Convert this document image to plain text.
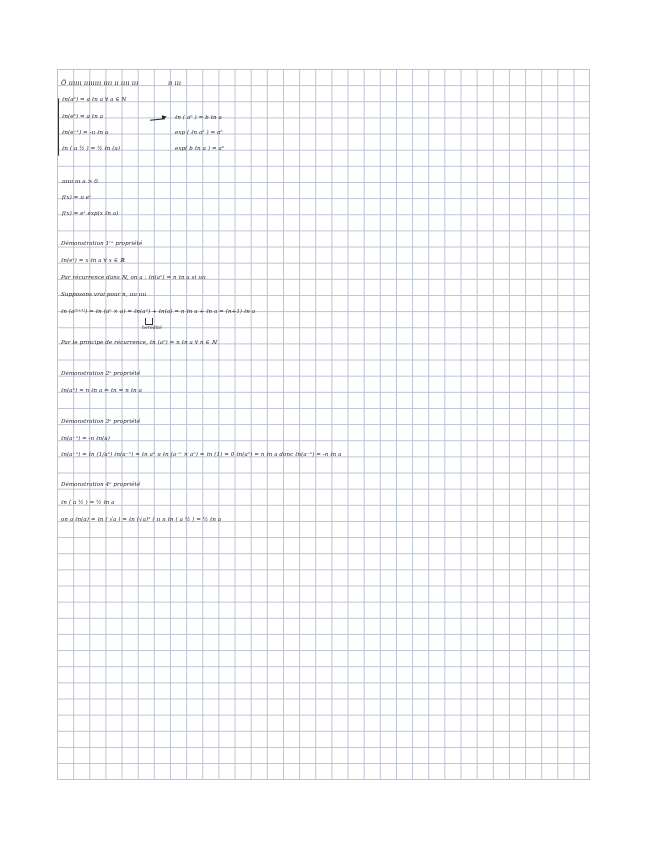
Ö ıııııı ıııııııı ıııı ıı ıııı ııı	ıı ııı
ℓn(aᵇ) = a ℓn a ∀ a ∈ N
ℓn(eᵇ) = a ℓn a
ℓn(e⁻¹) = -ıı ℓn a
ℓn ( a ½ ) = ½ ℓn (a)
ℓn ( aᵇ ) = b ℓn a
exp ( ℓn aᵇ ) = aᵇ
exp( b ℓn a ) = aᵇ
ıııııı ııı a > 0
f(x) = ıı eˣ
f(x) = eˣ exp(x ℓn a)
Démonstration 1ʳᵉ propriété
ℓn(eˣ) = x ℓn a ∀ x ∈ ℝ
Par récurrence dans ℕ, on a : ℓn(aⁿ) = n ℓn a si ıııı
Supposons vrai pour n, ıııı ıııı
ℓn (a⁽ⁿ⁺¹⁾) = ℓn (aⁿ × a) = ℓn(aⁿ) + ℓn(a) = n ℓn a + ℓn a = (n+1) ℓn a
hérédité
Par le principe de récurrence, ℓn (aⁿ) = n ℓn a ∀ n ∈ ℕ
Démonstration 2ᵉ propriété
ℓn(aⁿ) = n ℓn a ⇔ ℓn = n ℓn a
Démonstration 3ᵉ propriété
ℓn(a⁻ⁿ) = -n ℓn(a)
ℓn(a⁻ⁿ) = ℓn (1/aⁿ) ℓn(a⁻ⁿ) = ℓn aⁿ ıı ℓn (a⁻ⁿ × aⁿ) = ℓn (1) = 0 ℓn(aⁿ) = n ℓn a donc ℓn(a⁻ⁿ) = -n ℓn a
Démonstration 4ᵉ propriété
ℓn ( a ½ ) = ½ ℓn a
on a ℓn(a) = ℓn ( √a ) = ℓn (√a)² ( ıı ıı ℓn ( a ½ ) = ½ ℓn a
